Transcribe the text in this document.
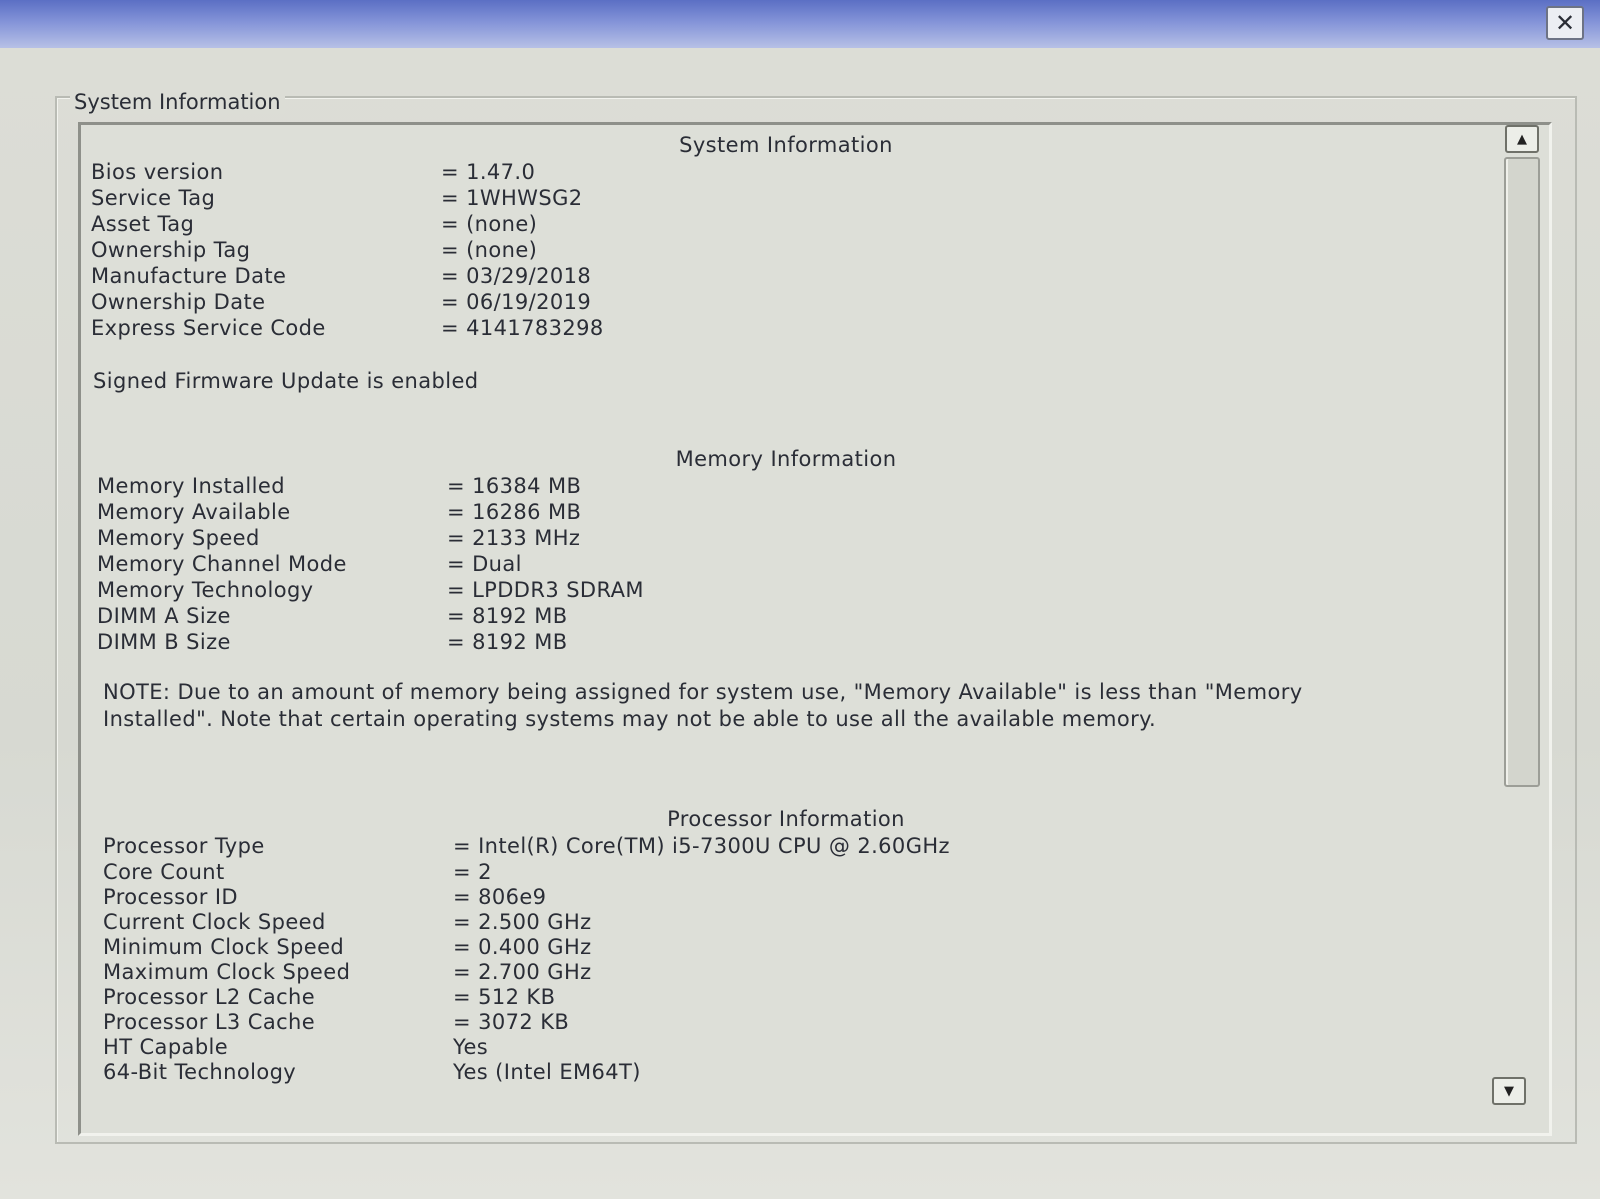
✕
System Information
System Information
Bios version	= 1.47.0
Service Tag	= 1WHWSG2
Asset Tag	= (none)
Ownership Tag	= (none)
Manufacture Date	= 03/29/2018
Ownership Date	= 06/19/2019
Express Service Code	= 4141783298
Signed Firmware Update is enabled
Memory Information
Memory Installed	= 16384 MB
Memory Available	= 16286 MB
Memory Speed	= 2133 MHz
Memory Channel Mode	= Dual
Memory Technology	= LPDDR3 SDRAM
DIMM A Size	= 8192 MB
DIMM B Size	= 8192 MB
NOTE: Due to an amount of memory being assigned for system use, "Memory Available" is less than "Memory Installed". Note that certain operating systems may not be able to use all the available memory.
Processor Information
Processor Type	= Intel(R) Core(TM) i5-7300U CPU @ 2.60GHz
Core Count	= 2
Processor ID	= 806e9
Current Clock Speed	= 2.500 GHz
Minimum Clock Speed	= 0.400 GHz
Maximum Clock Speed	= 2.700 GHz
Processor L2 Cache	= 512 KB
Processor L3 Cache	= 3072 KB
HT Capable	Yes
64-Bit Technology	Yes (Intel EM64T)
▲
▼
